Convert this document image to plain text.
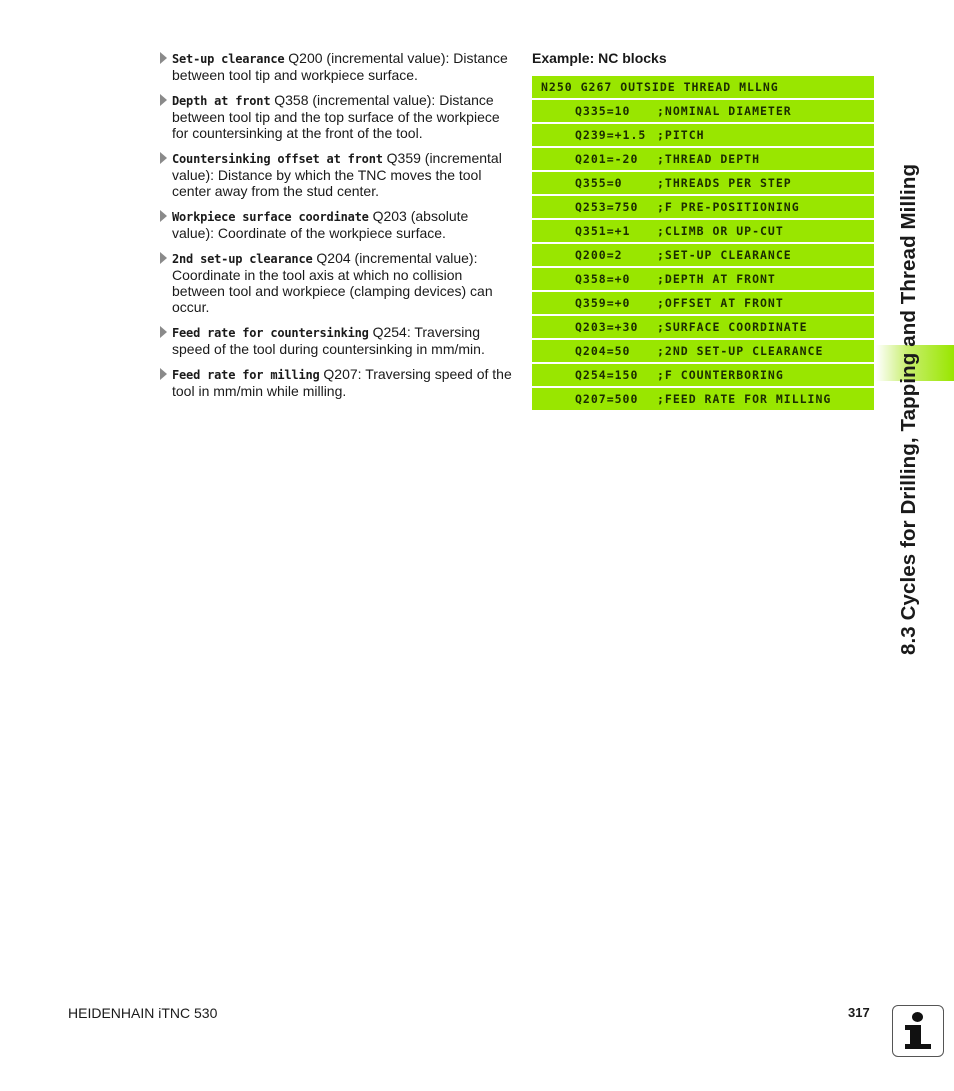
Set-up clearance Q200 (incremental value): Distance between tool tip and workpiece surface.
Depth at front Q358 (incremental value): Distance between tool tip and the top surface of the workpiece for countersinking at the front of the tool.
Countersinking offset at front Q359 (incremental value): Distance by which the TNC moves the tool center away from the stud center.
Workpiece surface coordinate Q203 (absolute value): Coordinate of the workpiece surface.
2nd set-up clearance Q204 (incremental value): Coordinate in the tool axis at which no collision between tool and workpiece (clamping devices) can occur.
Feed rate for countersinking Q254: Traversing speed of the tool during countersinking in mm/min.
Feed rate for milling Q207: Traversing speed of the tool in mm/min while milling.
Example: NC blocks
N250 G267 OUTSIDE THREAD MLLNG
Q335=10	;NOMINAL DIAMETER
Q239=+1.5 ;PITCH
Q201=-20	;THREAD DEPTH
Q355=0	;THREADS PER STEP
Q253=750	;F PRE-POSITIONING
Q351=+1	;CLIMB OR UP-CUT
Q200=2	;SET-UP CLEARANCE
Q358=+0	;DEPTH AT FRONT
Q359=+0	;OFFSET AT FRONT
Q203=+30	;SURFACE COORDINATE
Q204=50	;2ND SET-UP CLEARANCE
Q254=150	;F COUNTERBORING
Q207=500	;FEED RATE FOR MILLING	8.3 Cycles for Drilling, Tapping and Thread Milling
HEIDENHAIN iTNC 530	317
